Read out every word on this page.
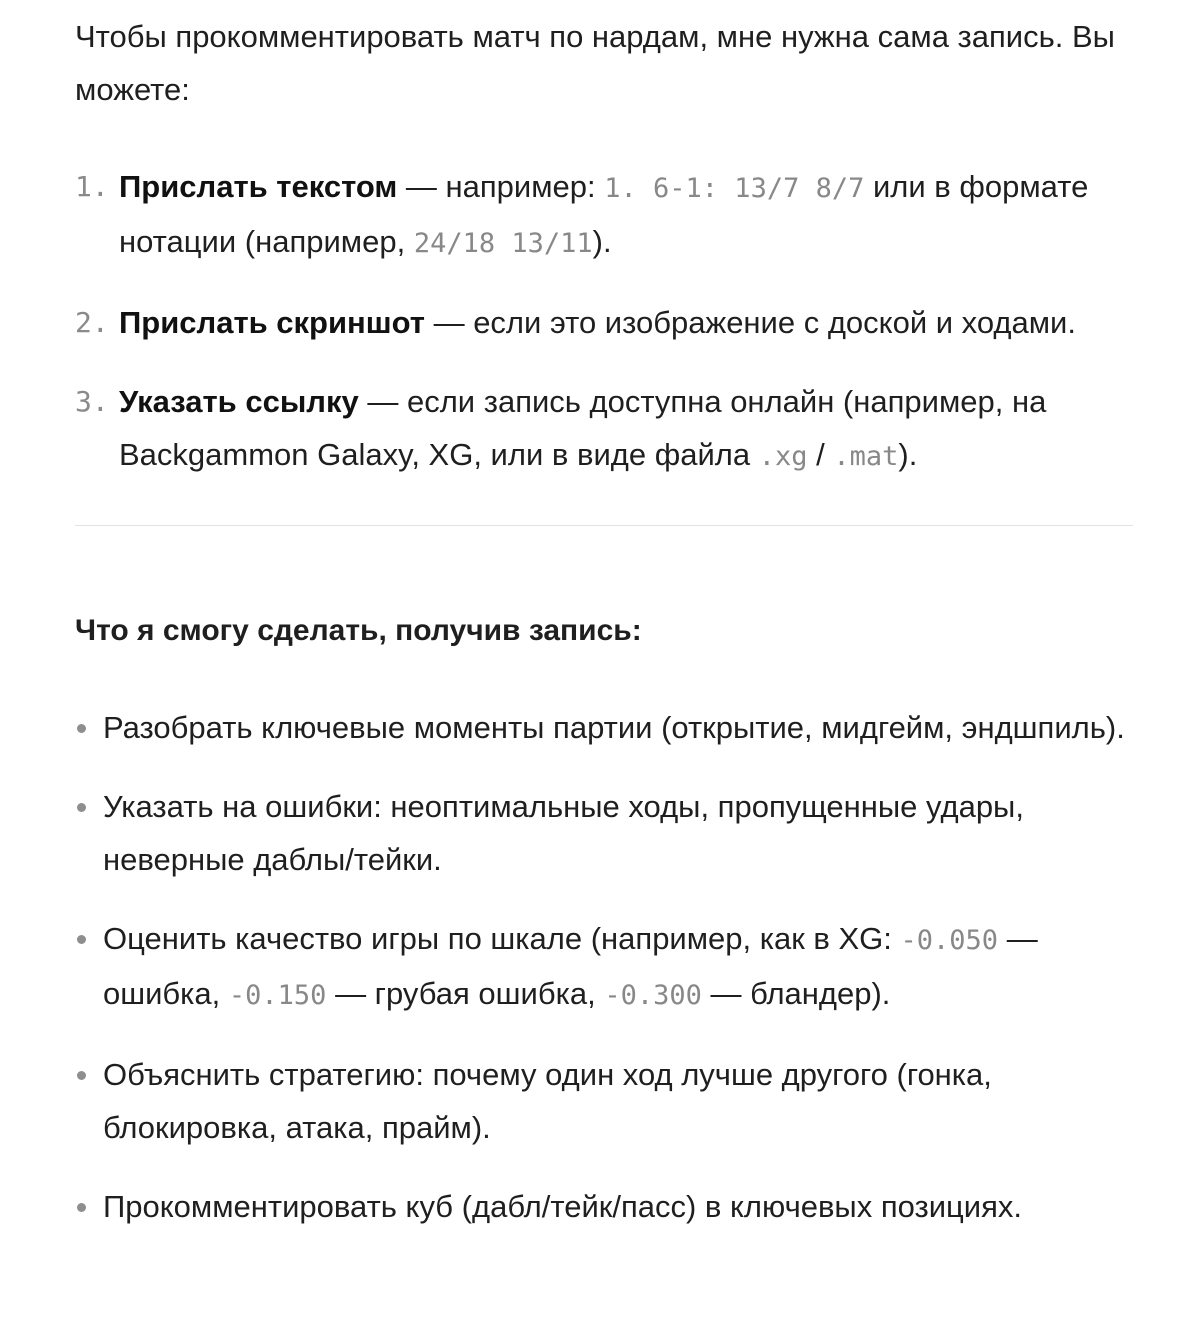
Чтобы прокомментировать матч по нардам, мне нужна сама запись. Вы можете:

1. Прислать текстом — например: 1. 6-1: 13/7 8/7 или в формате нотации (например, 24/18 13/11).
2. Прислать скриншот — если это изображение с доской и ходами.
3. Указать ссылку — если запись доступна онлайн (например, на Backgammon Galaxy, XG, или в виде файла .xg / .mat).

Что я смогу сделать, получив запись:

Разобрать ключевые моменты партии (открытие, мидгейм, эндшпиль).
Указать на ошибки: неоптимальные ходы, пропущенные удары, неверные даблы/тейки.
Оценить качество игры по шкале (например, как в XG: -0.050 — ошибка, -0.150 — грубая ошибка, -0.300 — бландер).
Объяснить стратегию: почему один ход лучше другого (гонка, блокировка, атака, прайм).
Прокомментировать куб (дабл/тейк/пасс) в ключевых позициях.
